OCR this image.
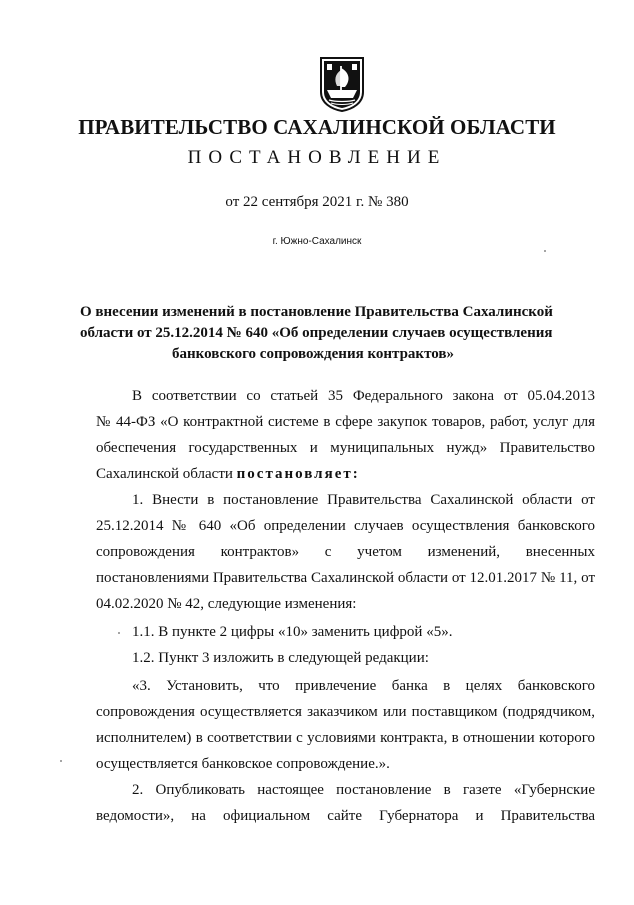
ПРАВИТЕЛЬСТВО САХАЛИНСКОЙ ОБЛАСТИ
ПОСТАНОВЛЕНИЕ
от 22 сентября 2021 г. № 380
г. Южно-Сахалинск
О внесении изменений в постановление Правительства Сахалинской
области от 25.12.2014 № 640 «Об определении случаев осуществления
банковского сопровождения контрактов»
В соответствии со статьей 35 Федерального закона от 05.04.2013
№ 44-ФЗ «О контрактной системе в сфере закупок товаров, работ, услуг для
обеспечения государственных и муниципальных нужд» Правительство
Сахалинской области постановляет:
1. Внести в постановление Правительства Сахалинской области от
25.12.2014 № 640 «Об определении случаев осуществления банковского
сопровождения контрактов» с учетом изменений, внесенных
постановлениями Правительства Сахалинской области от 12.01.2017 № 11, от
04.02.2020 № 42, следующие изменения:
1.1. В пункте 2 цифры «10» заменить цифрой «5».
1.2. Пункт 3 изложить в следующей редакции:
«3. Установить, что привлечение банка в целях банковского
сопровождения осуществляется заказчиком или поставщиком (подрядчиком,
исполнителем) в соответствии с условиями контракта, в отношении которого
осуществляется банковское сопровождение.».
2. Опубликовать настоящее постановление в газете «Губернские
ведомости», на официальном сайте Губернатора и Правительства
